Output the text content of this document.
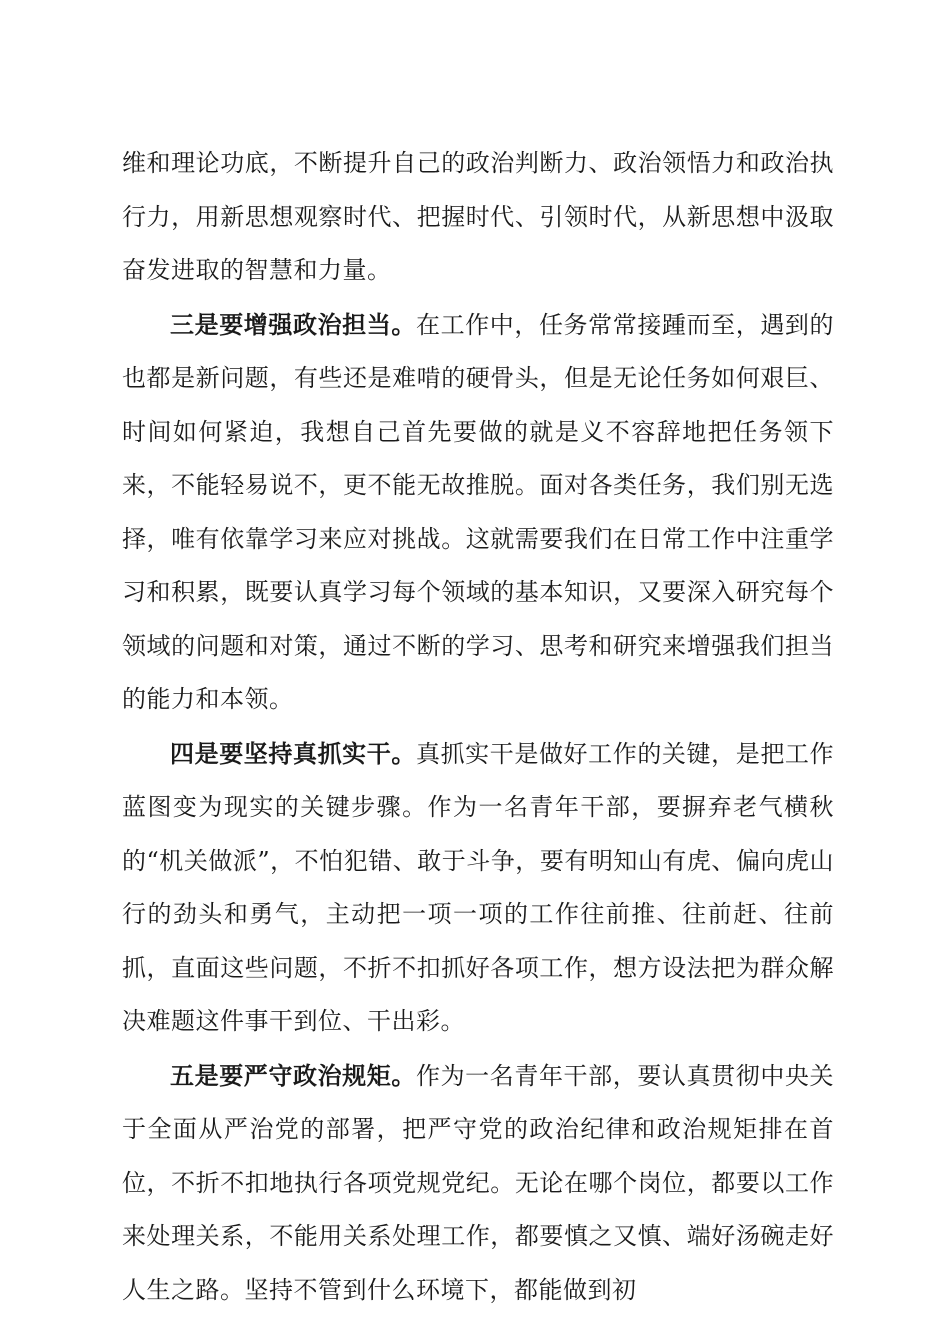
维和理论功底，不断提升自己的政治判断力、政治领悟力和政治执行力，用新思想观察时代、把握时代、引领时代，从新思想中汲取奋发进取的智慧和力量。

三是要增强政治担当。在工作中，任务常常接踵而至，遇到的也都是新问题，有些还是难啃的硬骨头，但是无论任务如何艰巨、时间如何紧迫，我想自己首先要做的就是义不容辞地把任务领下来，不能轻易说不，更不能无故推脱。面对各类任务，我们别无选择，唯有依靠学习来应对挑战。这就需要我们在日常工作中注重学习和积累，既要认真学习每个领域的基本知识，又要深入研究每个领域的问题和对策，通过不断的学习、思考和研究来增强我们担当的能力和本领。

四是要坚持真抓实干。真抓实干是做好工作的关键，是把工作蓝图变为现实的关键步骤。作为一名青年干部，要摒弃老气横秋的“机关做派”，不怕犯错、敢于斗争，要有明知山有虎、偏向虎山行的劲头和勇气，主动把一项一项的工作往前推、往前赶、往前抓，直面这些问题，不折不扣抓好各项工作，想方设法把为群众解决难题这件事干到位、干出彩。

五是要严守政治规矩。作为一名青年干部，要认真贯彻中央关于全面从严治党的部署，把严守党的政治纪律和政治规矩排在首位，不折不扣地执行各项党规党纪。无论在哪个岗位，都要以工作来处理关系，不能用关系处理工作，都要慎之又慎、端好汤碗走好人生之路。坚持不管到什么环境下，都能做到初
